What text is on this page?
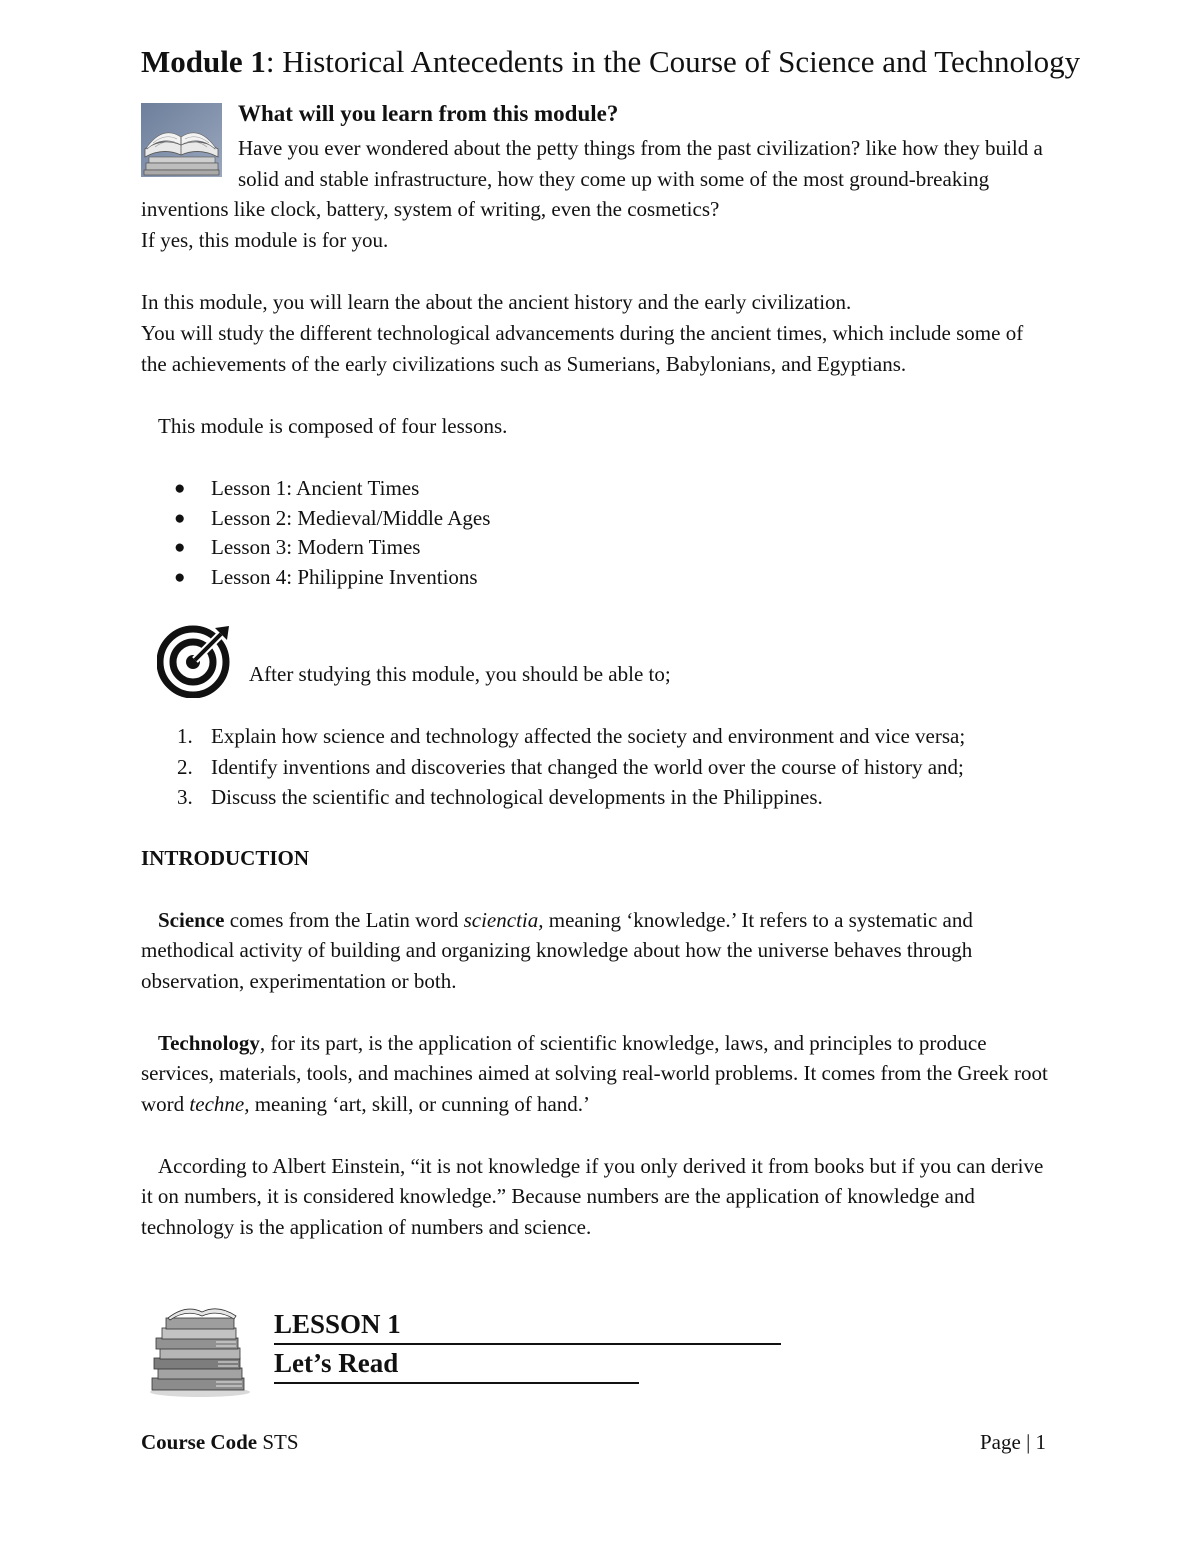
Module 1: Historical Antecedents in the Course of Science and Technology
What will you learn from this module?
Have you ever wondered about the petty things from the past civilization? like how they build a
solid and stable infrastructure, how they come up with some of the most ground-breaking
inventions like clock, battery, system of writing, even the cosmetics?
If yes, this module is for you.
In this module, you will learn the about the ancient history and the early civilization.
You will study the different technological advancements during the ancient times, which include some of
the achievements of the early civilizations such as Sumerians, Babylonians, and Egyptians.
This module is composed of four lessons.
● Lesson 1: Ancient Times
● Lesson 2: Medieval/Middle Ages
● Lesson 3: Modern Times
● Lesson 4: Philippine Inventions
After studying this module, you should be able to;
1. Explain how science and technology affected the society and environment and vice versa;
2. Identify inventions and discoveries that changed the world over the course of history and;
3. Discuss the scientific and technological developments in the Philippines.
INTRODUCTION
Science comes from the Latin word scienctia, meaning ‘knowledge.’ It refers to a systematic and
methodical activity of building and organizing knowledge about how the universe behaves through
observation, experimentation or both.
Technology, for its part, is the application of scientific knowledge, laws, and principles to produce
services, materials, tools, and machines aimed at solving real-world problems. It comes from the Greek root
word techne, meaning ‘art, skill, or cunning of hand.’
According to Albert Einstein, “it is not knowledge if you only derived it from books but if you can derive
it on numbers, it is considered knowledge.” Because numbers are the application of knowledge and
technology is the application of numbers and science.
LESSON 1
Let’s Read
Course Code STS	Page | 1
